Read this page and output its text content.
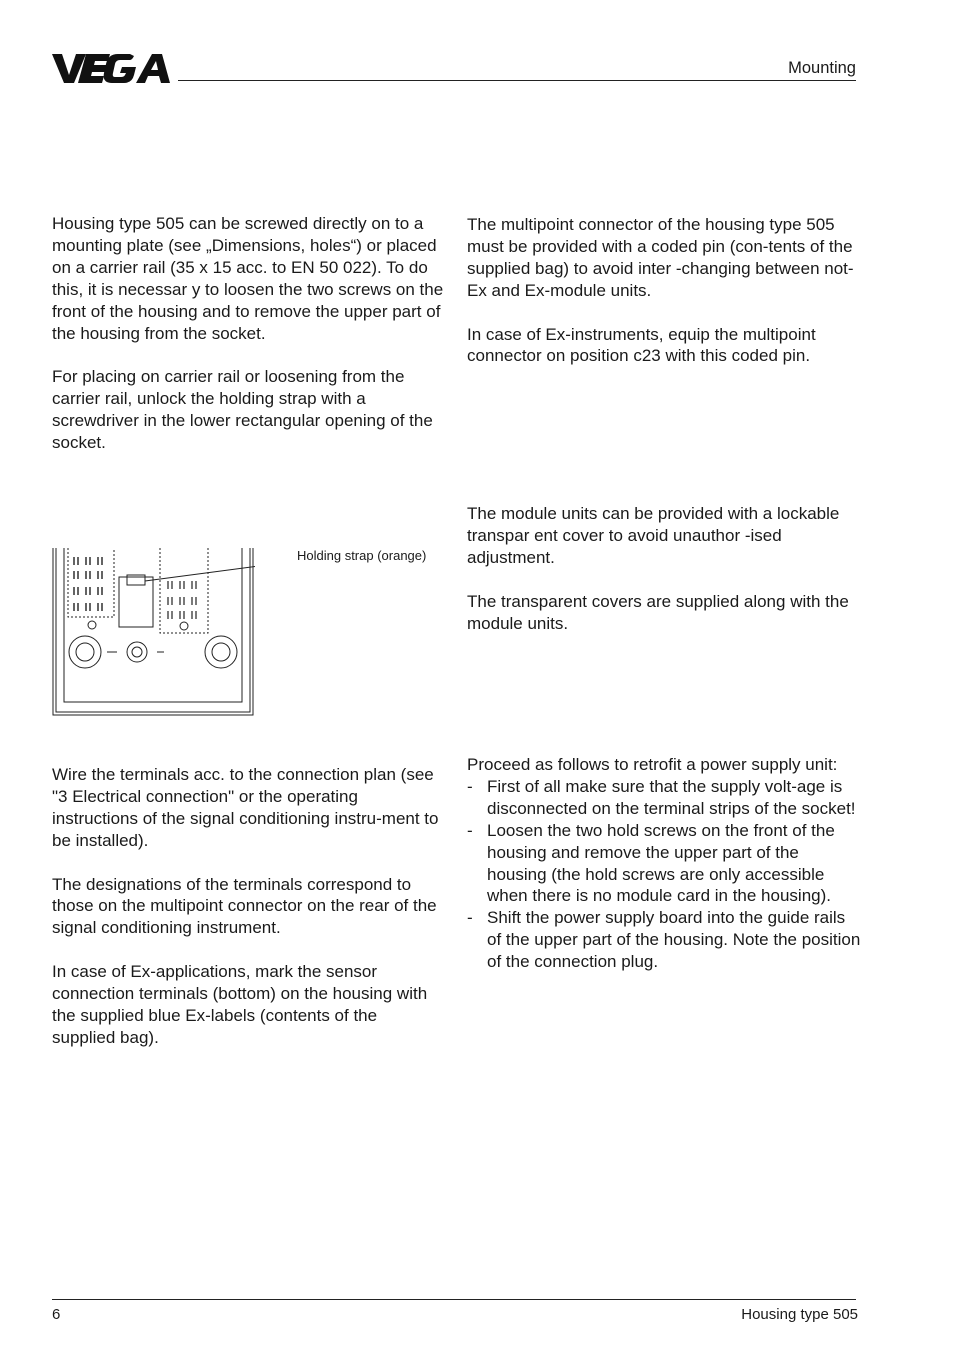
Mounting

Housing type 505 can be screwed directly on to a mounting plate (see „Dimensions, holes“) or placed on a carrier rail (35 x 15 acc. to EN 50 022). To do this, it is necessar y to loosen the two screws on the front of the housing and to remove the upper part of the housing from the socket.

For placing on carrier rail or loosening from the carrier rail, unlock the holding strap with a screwdriver in the lower rectangular opening of the socket.

Holding strap (orange)

Wire the terminals acc. to the connection plan (see "3 Electrical connection" or the operating instructions of the signal conditioning instru-ment to be installed).

The designations of the terminals correspond to those on the multipoint connector on the rear of the signal conditioning instrument.

In case of Ex-applications, mark the sensor connection terminals (bottom) on the housing with the supplied blue Ex-labels (contents of the supplied bag).

The multipoint connector of the housing type 505 must be provided with a coded pin (con-tents of the supplied bag) to avoid inter -changing between not-Ex and Ex-module units.

In case of Ex-instruments, equip the multipoint connector on position c23 with this coded pin.

The module units can be provided with a lockable transpar ent cover to avoid unauthor -ised adjustment.

The transparent covers are supplied along with the module units.

Proceed as follows to retrofit a power supply unit:

- First of all make sure that the supply volt-age is disconnected on the terminal strips of the socket!
- Loosen the two hold screws on the front of the housing and remove the upper part of the housing (the hold screws are only accessible when there is no module card in the housing).
- Shift the power supply board into the guide rails of the upper part of the housing. Note the position of the connection plug.
6	Housing type 505
